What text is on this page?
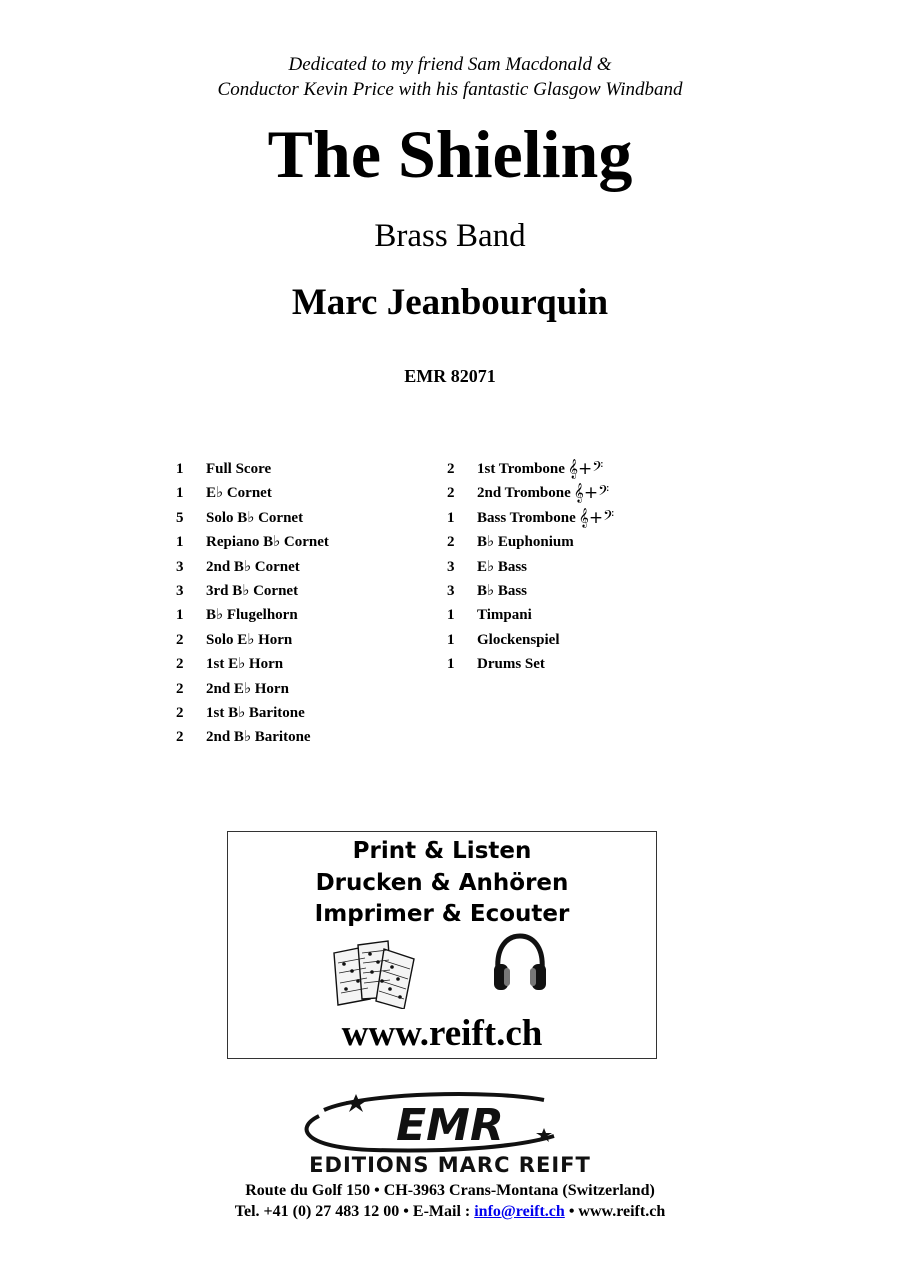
Dedicated to my friend Sam Macdonald &
Conductor Kevin Price with his fantastic Glasgow Windband
The Shieling
Brass Band
Marc Jeanbourquin
EMR 82071
1 Full Score
1 E♭ Cornet
5 Solo B♭ Cornet
1 Repiano B♭ Cornet
3 2nd B♭ Cornet
3 3rd B♭ Cornet
1 B♭ Flugelhorn
2 Solo E♭ Horn
2 1st E♭ Horn
2 2nd E♭ Horn
2 1st B♭ Baritone
2 2nd B♭ Baritone
2 1st Trombone 𝄞+𝄢
2 2nd Trombone 𝄞+𝄢
1 Bass Trombone 𝄞+𝄢
2 B♭ Euphonium
3 E♭ Bass
3 B♭ Bass
1 Timpani
1 Glockenspiel
1 Drums Set
Print & Listen
Drucken & Anhören
Imprimer & Ecouter
www.reift.ch
EMR
EDITIONS MARC REIFT
Route du Golf 150 • CH-3963 Crans-Montana (Switzerland)
Tel. +41 (0) 27 483 12 00 • E-Mail : info@reift.ch • www.reift.ch
